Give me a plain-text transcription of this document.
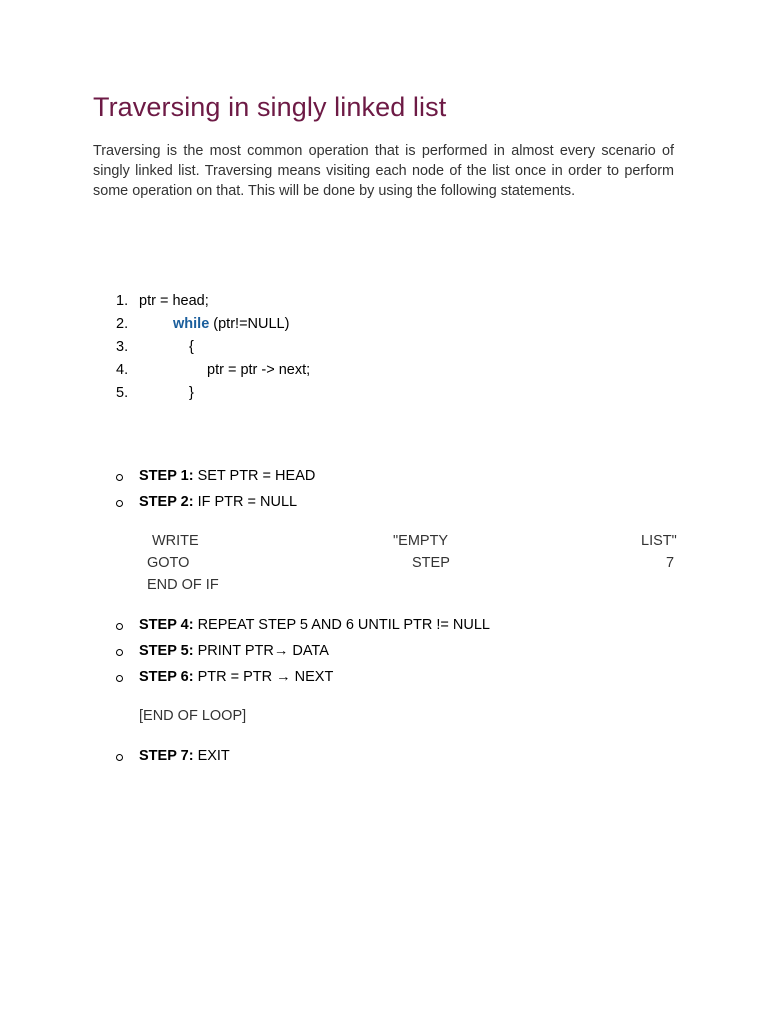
Traversing in singly linked list

Traversing is the most common operation that is performed in almost every scenario of singly linked list. Traversing means visiting each node of the list once in order to perform some operation on that. This will be done by using the following statements.

1. ptr = head;
2.	while (ptr!=NULL)
3.	{
4.	ptr = ptr -> next;
5.	}
STEP 1: SET PTR = HEAD
STEP 2: IF PTR = NULL
WRITE	"EMPTY	LIST"
GOTO	STEP	7
END OF IF
STEP 4: REPEAT STEP 5 AND 6 UNTIL PTR != NULL
STEP 5: PRINT PTR→ DATA
STEP 6: PTR = PTR → NEXT
[END OF LOOP]
STEP 7: EXIT
